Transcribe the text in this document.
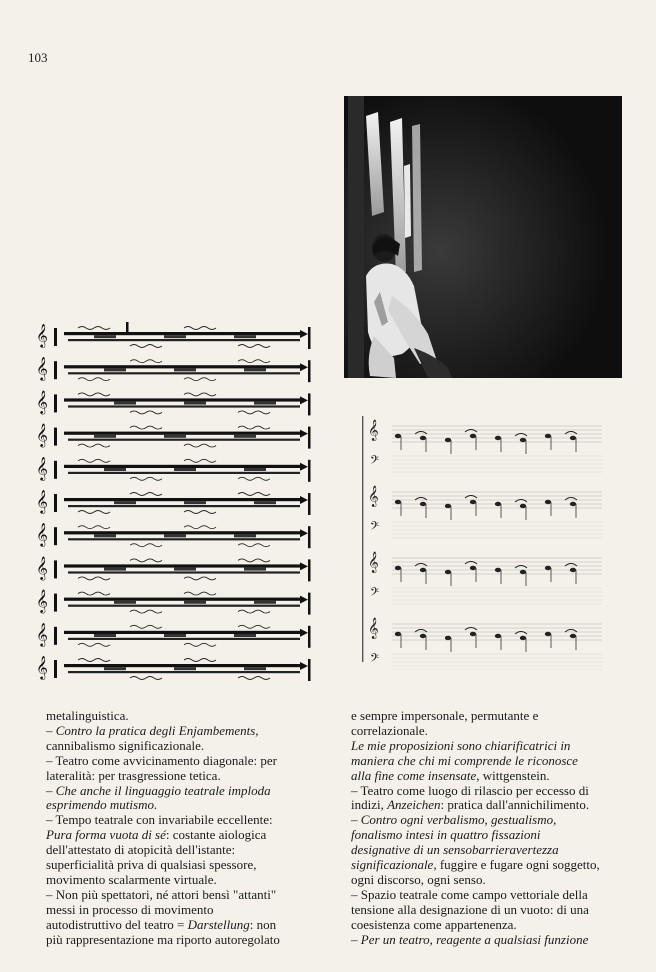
103
𝄞
𝄞
𝄞
𝄞
𝄞
𝄞
𝄞
𝄞
𝄞
𝄞
𝄞
𝄞
𝄢
𝄞
𝄢
𝄞
𝄢
𝄞
𝄢
metalinguistica.
– Contro la pratica degli Enjambements,
cannibalismo significazionale.
– Teatro come avvicinamento diagonale: per
lateralità: per trasgressione tetica.
– Che anche il linguaggio teatrale imploda
esprimendo mutismo.
– Tempo teatrale con invariabile eccellente:
Pura forma vuota di sé: costante aiologica
dell'attestato di atopicità dell'istante:
superficialità priva di qualsiasi spessore,
movimento scalarmente virtuale.
– Non più spettatori, né attori bensì "attanti"
messi in processo di movimento
autodistruttivo del teatro = Darstellung: non
più rappresentazione ma riporto autoregolato
e sempre impersonale, permutante e
correlazionale.
Le mie proposizioni sono chiarificatrici in
maniera che chi mi comprende le riconosce
alla fine come insensate, wittgenstein.
– Teatro come luogo di rilascio per eccesso di
indizi, Anzeichen: pratica dall'annichilimento.
– Contro ogni verbalismo, gestualismo,
fonalismo intesi in quattro fissazioni
designative di un sensobarrieravertezza
significazionale, fuggire e fugare ogni soggetto,
ogni discorso, ogni senso.
– Spazio teatrale come campo vettoriale della
tensione alla designazione di un vuoto: di una
coesistenza come appartenenza.
– Per un teatro, reagente a qualsiasi funzione
